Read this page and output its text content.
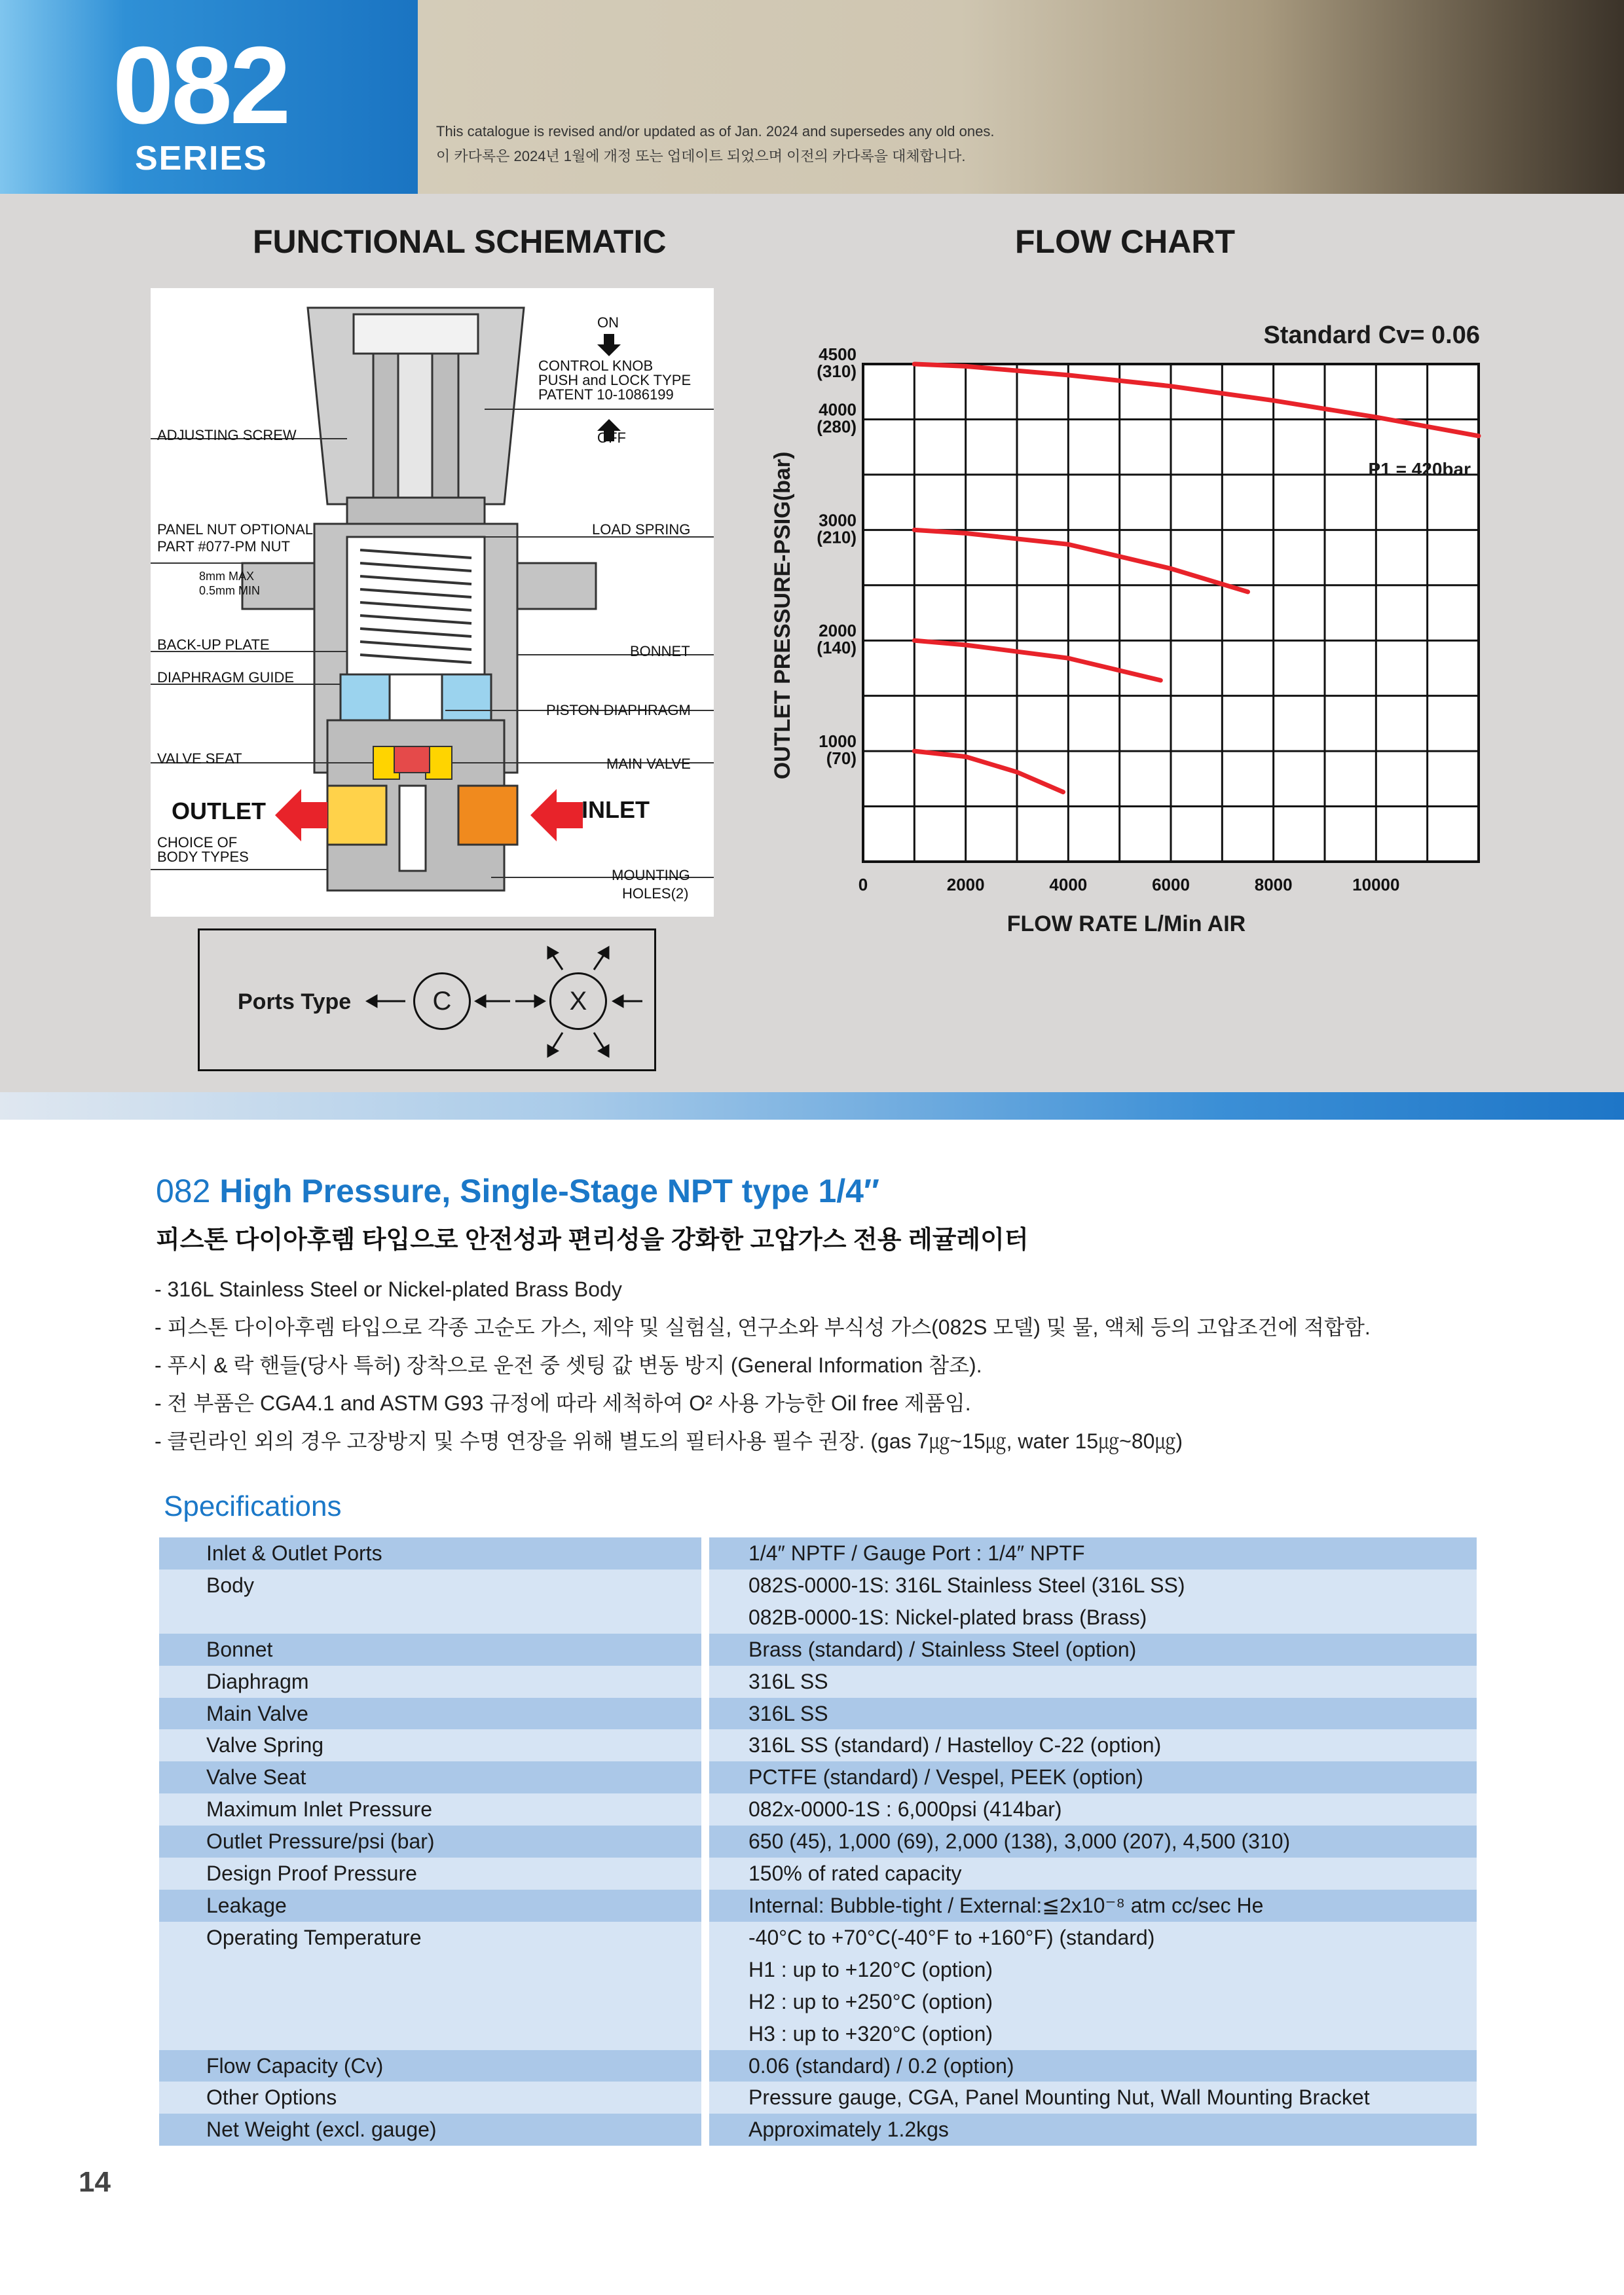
082
SERIES
This catalogue is revised and/or updated as of Jan. 2024 and supersedes any old ones.
이 카다록은 2024년 1월에 개정 또는 업데이트 되었으며 이전의 카다록을 대체합니다.
FUNCTIONAL SCHEMATIC	FLOW CHART
ON
OFF
CONTROL KNOB
PUSH and LOCK TYPE
PATENT 10-1086199
ADJUSTING SCREW
PANEL NUT OPTIONAL
PART #077-PM NUT
8mm MAX
0.5mm MIN
LOAD SPRING
BACK-UP PLATE	BONNET
DIAPHRAGM GUIDE
PISTON DIAPHRAGM
VALVE SEAT	MAIN VALVE
OUTLET	INLET
CHOICE OF
BODY TYPES
MOUNTING
HOLES(2)
Ports Type	C	X
0	2000	4000	6000	8000	10000
4500
(310)
4000
(280)
3000
(210)
2000
(140)
1000
(70)
Standard Cv= 0.06
P1 = 420bar
FLOW RATE L/Min AIR
OUTLET PRESSURE-PSIG(bar)
082 High Pressure, Single-Stage NPT type 1/4″
피스톤 다이아후렘 타입으로 안전성과 편리성을 강화한 고압가스 전용 레귤레이터
- 316L Stainless Steel or Nickel-plated Brass Body
- 피스톤 다이아후렘 타입으로 각종 고순도 가스, 제약 및 실험실, 연구소와 부식성 가스(082S 모델) 및 물, 액체 등의 고압조건에 적합함.
- 푸시 & 락 핸들(당사 특허) 장착으로 운전 중 셋팅 값 변동 방지 (General Information 참조).
- 전 부품은 CGA4.1 and ASTM G93 규정에 따라 세척하여 O² 사용 가능한 Oil free 제품임.
- 클린라인 외의 경우 고장방지 및 수명 연장을 위해 별도의 필터사용 필수 권장. (gas 7㎍~15㎍, water 15㎍~80㎍)
Specifications
Inlet & Outlet Ports		1/4″ NPTF / Gauge Port : 1/4″ NPTF
Body		082S-0000-1S: 316L Stainless Steel (316L SS)
		082B-0000-1S: Nickel-plated brass (Brass)
Bonnet		Brass (standard) / Stainless Steel (option)
Diaphragm		316L SS
Main Valve		316L SS
Valve Spring		316L SS (standard) / Hastelloy C-22 (option)
Valve Seat		PCTFE (standard) / Vespel, PEEK (option)
Maximum Inlet Pressure		082x-0000-1S : 6,000psi (414bar)
Outlet Pressure/psi (bar)		650 (45), 1,000 (69), 2,000 (138), 3,000 (207), 4,500 (310)
Design Proof Pressure		150% of rated capacity
Leakage		Internal: Bubble-tight / External:≦2x10⁻⁸ atm cc/sec He
Operating Temperature		-40°C to +70°C(-40°F to +160°F) (standard)
		H1 : up to +120°C (option)
		H2 : up to +250°C (option)
		H3 : up to +320°C (option)
Flow Capacity (Cv)		0.06 (standard) / 0.2 (option)
Other Options		Pressure gauge, CGA, Panel Mounting Nut, Wall Mounting Bracket
Net Weight (excl. gauge)		Approximately 1.2kgs
14
